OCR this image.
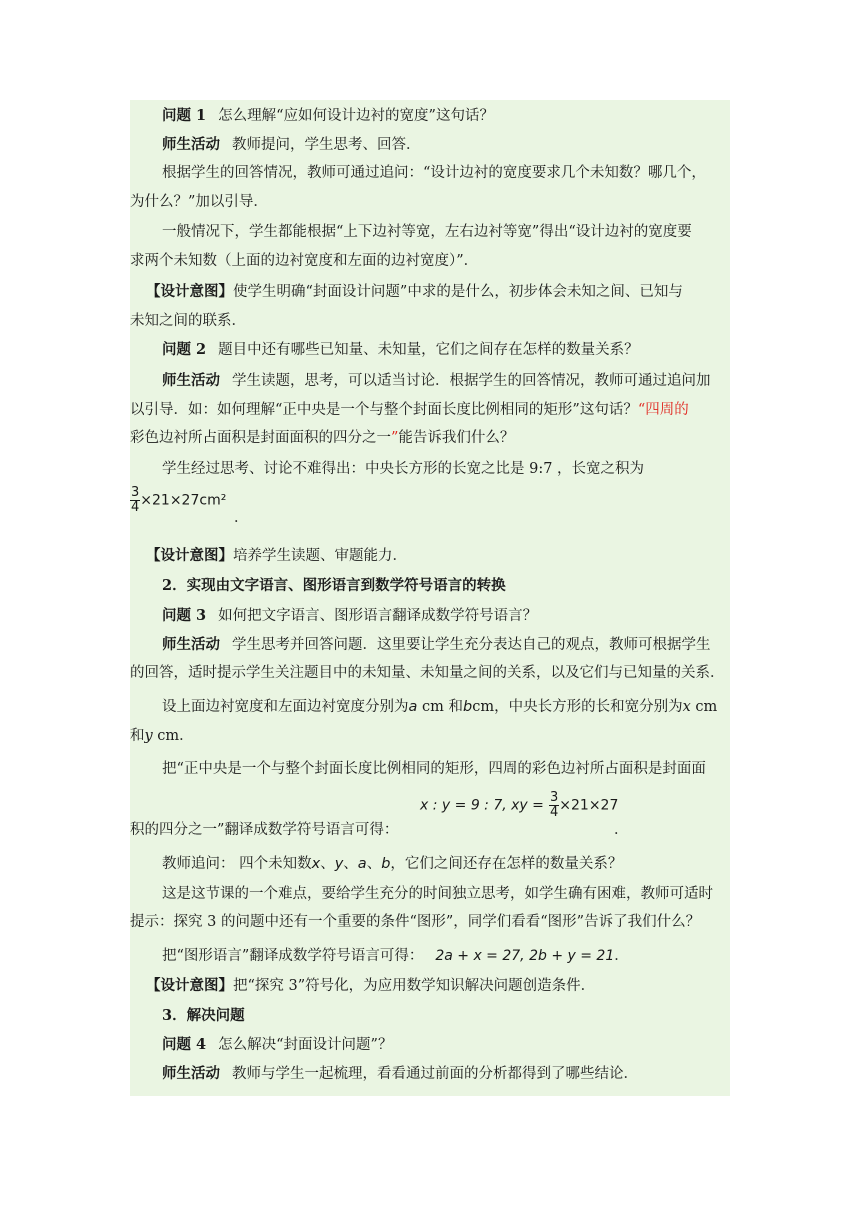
问题 1 怎么理解“应如何设计边衬的宽度”这句话？
师生活动 教师提问，学生思考、回答．
根据学生的回答情况，教师可通过追问：“设计边衬的宽度要求几个未知数？哪几个，
为什么？”加以引导．
一般情况下，学生都能根据“上下边衬等宽，左右边衬等宽”得出“设计边衬的宽度要
求两个未知数（上面的边衬宽度和左面的边衬宽度）”．
【设计意图】使学生明确“封面设计问题”中求的是什么，初步体会未知之间、已知与
未知之间的联系．
问题 2 题目中还有哪些已知量、未知量，它们之间存在怎样的数量关系？
师生活动 学生读题，思考，可以适当讨论．根据学生的回答情况，教师可通过追问加
以引导．如：如何理解“正中央是一个与整个封面长度比例相同的矩形”这句话？“四周的
彩色边衬所占面积是封面面积的四分之一”能告诉我们什么？
学生经过思考、讨论不难得出：中央长方形的长宽之比是 9:7 ，长宽之积为
$\frac{3}{4} \times 21\times 27cm^2$
．
【设计意图】培养学生读题、审题能力．
2．实现由文字语言、图形语言到数学符号语言的转换
问题 3 如何把文字语言、图形语言翻译成数学符号语言？
师生活动 学生思考并回答问题．这里要让学生充分表达自己的观点，教师可根据学生
的回答，适时提示学生关注题目中的未知量、未知量之间的关系，以及它们与已知量的关系．
设上面边衬宽度和左面边衬宽度分别为a cm 和bcm，中央长方形的长和宽分别为x cm
和y cm．
把“正中央是一个与整个封面长度比例相同的矩形，四周的彩色边衬所占面积是封面面
积的四分之一”翻译成数学符号语言可得：
x : y = 9 : 7, xy = $\frac{3}{4} \times 21\times 27$
．
教师追问： 四个未知数x、y、a、b，它们之间还存在怎样的数量关系？
这是这节课的一个难点，要给学生充分的时间独立思考，如学生确有困难，教师可适时
提示：探究 3 的问题中还有一个重要的条件“图形”，同学们看看“图形”告诉了我们什么？
把“图形语言”翻译成数学符号语言可得： 2a + x = 27, 2b + y = 21．
【设计意图】把“探究 3”符号化，为应用数学知识解决问题创造条件．
3．解决问题
问题 4 怎么解决“封面设计问题”？
师生活动 教师与学生一起梳理，看看通过前面的分析都得到了哪些结论．
